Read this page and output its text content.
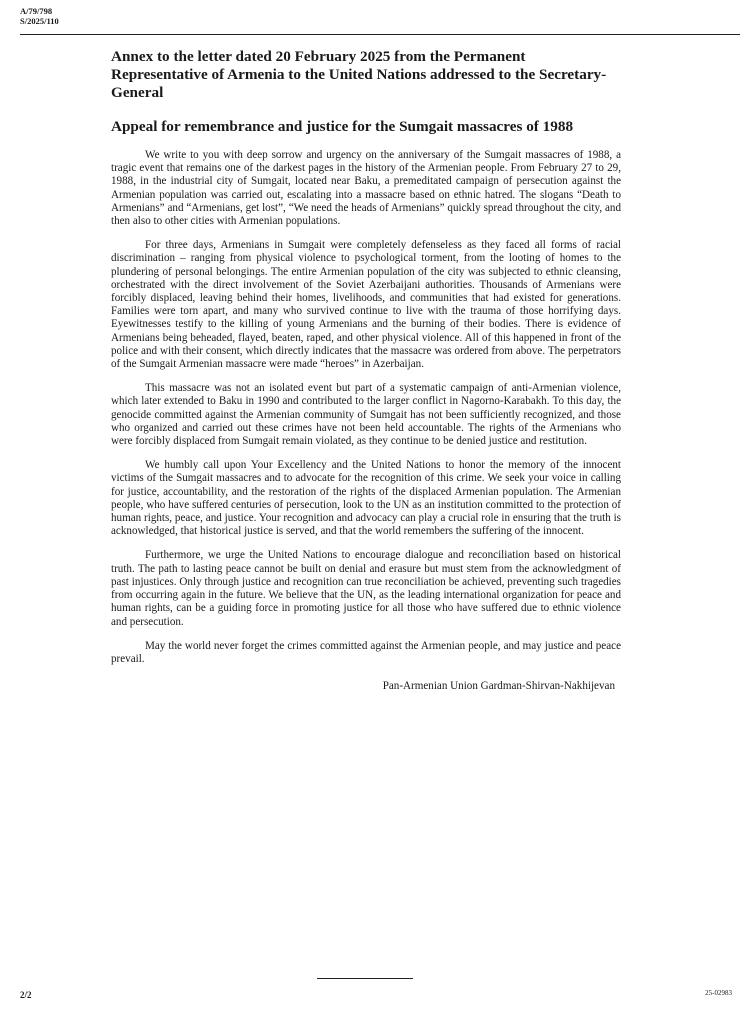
A/79/798
S/2025/110
Annex to the letter dated 20 February 2025 from the Permanent Representative of Armenia to the United Nations addressed to the Secretary-General
Appeal for remembrance and justice for the Sumgait massacres of 1988

We write to you with deep sorrow and urgency on the anniversary of the Sumgait massacres of 1988, a tragic event that remains one of the darkest pages in the history of the Armenian people. From February 27 to 29, 1988, in the industrial city of Sumgait, located near Baku, a premeditated campaign of persecution against the Armenian population was carried out, escalating into a massacre based on ethnic hatred. The slogans “Death to Armenians” and “Armenians, get lost”, “We need the heads of Armenians” quickly spread throughout the city, and then also to other cities with Armenian populations.

For three days, Armenians in Sumgait were completely defenseless as they faced all forms of racial discrimination – ranging from physical violence to psychological torment, from the looting of homes to the plundering of personal belongings. The entire Armenian population of the city was subjected to ethnic cleansing, orchestrated with the direct involvement of the Soviet Azerbaijani authorities. Thousands of Armenians were forcibly displaced, leaving behind their homes, livelihoods, and communities that had existed for generations. Families were torn apart, and many who survived continue to live with the trauma of those horrifying days. Eyewitnesses testify to the killing of young Armenians and the burning of their bodies. There is evidence of Armenians being beheaded, flayed, beaten, raped, and other physical violence. All of this happened in front of the police and with their consent, which directly indicates that the massacre was ordered from above. The perpetrators of the Sumgait Armenian massacre were made “heroes” in Azerbaijan.

This massacre was not an isolated event but part of a systematic campaign of anti-Armenian violence, which later extended to Baku in 1990 and contributed to the larger conflict in Nagorno-Karabakh. To this day, the genocide committed against the Armenian community of Sumgait has not been sufficiently recognized, and those who organized and carried out these crimes have not been held accountable. The rights of the Armenians who were forcibly displaced from Sumgait remain violated, as they continue to be denied justice and restitution.

We humbly call upon Your Excellency and the United Nations to honor the memory of the innocent victims of the Sumgait massacres and to advocate for the recognition of this crime. We seek your voice in calling for justice, accountability, and the restoration of the rights of the displaced Armenian population. The Armenian people, who have suffered centuries of persecution, look to the UN as an institution committed to the protection of human rights, peace, and justice. Your recognition and advocacy can play a crucial role in ensuring that the truth is acknowledged, that historical justice is served, and that the world remembers the suffering of the innocent.

Furthermore, we urge the United Nations to encourage dialogue and reconciliation based on historical truth. The path to lasting peace cannot be built on denial and erasure but must stem from the acknowledgment of past injustices. Only through justice and recognition can true reconciliation be achieved, preventing such tragedies from occurring again in the future. We believe that the UN, as the leading international organization for peace and human rights, can be a guiding force in promoting justice for all those who have suffered due to ethnic violence and persecution.

May the world never forget the crimes committed against the Armenian people, and may justice and peace prevail.

Pan-Armenian Union Gardman-Shirvan-Nakhijevan
2/2	25-02983
